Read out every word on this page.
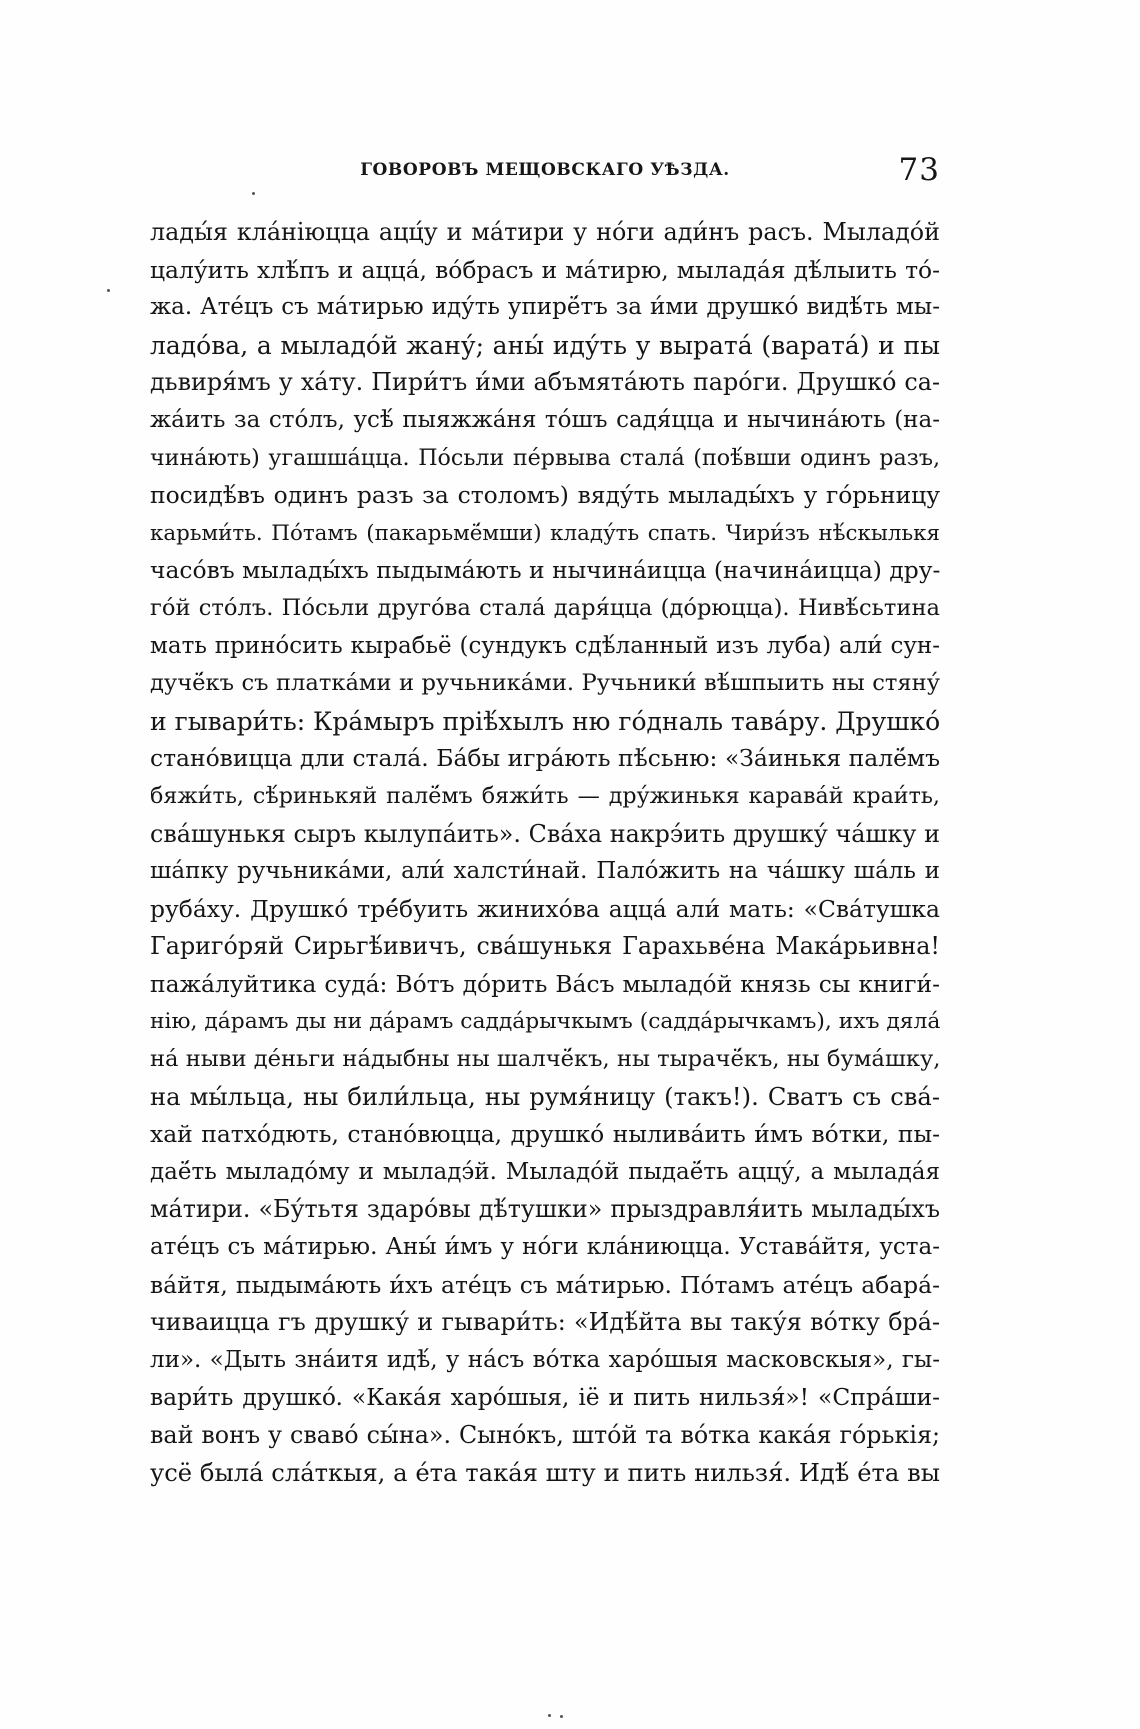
ГОВОРОВЪ МЕЩОВСКАГО УѢЗДА.	73
лады́я кла́ніюцца ацц́у и ма́тири у но́ги ади́нъ расъ. Мыладо́й
цалу́ить хлѣ́пъ и аццá, вóбрасъ и мáтирю, мыладáя дѣ́лыить тó-
жа. Атéцъ съ мáтирью иду́ть упирё́тъ за и́ми друшкó видѣ́ть мы-
ладóва, а мыладóй жану́; аны́ иду́ть у выратá (варатá) и пы
дьвиря́мъ у хáту. Пири́тъ и́ми абъмятáють парóги. Друшкó са-
жáить за стóлъ, усѣ́ пыяжжáня тóшъ садя́цца и нычинáють (на-
чинáють) угашшáцца. Пóсьли пéрвыва сталá (поѣ́вши одинъ разъ,
посидѣ́въ одинъ разъ за столомъ) вяду́ть мылады́хъ у гóрьницу
карьми́ть. Пóтамъ (пакарьмё́мши) кладу́ть спать. Чири́зъ нѣ́скылькя
часóвъ мылады́хъ пыдымáють и нычинáицца (начинáицца) дру-
гóй стóлъ. Пóсьли другóва сталá даря́цца (дóрюцца). Нивѣ́сьтина
мать принóсить кырабьё (сундукъ сдѣ́ланный изъ луба) али́ сун-
дучё́къ съ платкáми и ручьникáми. Ручьники́ вѣ́шпыить ны стяну́
и гывари́ть: Крáмыръ пріѣ́хылъ ню гóдналь тавáру. Друшкó
станóвицца дли сталá. Бáбы игрáють пѣ́сьню: «Зáинькя палё́мъ
бяжи́ть, сѣ́ринькяй палё́мъ бяжи́ть — дру́жинькя каравáй краи́ть,
свáшунькя сыръ кылупáить». Свáха накрэ́ить друшку́ чáшку и
шáпку ручьникáми, али́ халсти́най. Палóжить на чáшку шáль и
рубáху. Друшкó трé́буить жинихóва аццá али́ мать: «Свáтушка
Гаригóряй Сирьгѣ́ивичъ, свáшунькя Гарахьвéна Макáрьивна!
пажáлуйтика судá: Вóтъ дóрить Вáсъ мыладóй князь сы книги́-
нію, дáрамъ ды ни дáрамъ саддáрычкымъ (саддáрычкамъ), ихъ дялá
нá ныви дéньги нáдыбны ны шалчё́къ, ны тырачё́къ, ны бумáшку,
на мы́льца, ны били́льца, ны румя́ницу (такъ!). Сватъ съ свá-
хай патхóдють, станóвюцца, друшкó ныливáить и́мъ вóтки, пы-
даё́ть мыладóму и мыладэ́й. Мыладóй пыдаё́ть аццу́, а мыладáя
мáтири. «Бу́тьтя здарóвы дѣ́тушки» прыздравля́ить мылады́хъ
атéцъ съ мáтирью. Аны́ и́мъ у нóги клáниюцца. Уставáйтя, уста-
вáйтя, пыдымáють и́хъ атéцъ съ мáтирью. Пóтамъ атéцъ абарá-
чиваицца гъ друшку́ и гывари́ть: «Идѣ́йта вы таку́я вóтку брá-
ли». «Дыть знáитя идѣ́, у нáсъ вóтка харóшыя масковскыя», гы-
вари́ть друшкó. «Какáя харóшыя, іё и пить нильзя́»! «Спрáши-
вай вонъ у свавó сы́на». Сынóкъ, штóй та вóтка какáя гóрькія;
усё былá слáткыя, а éта такáя шту и пить нильзя́. Идѣ́ éта вы
